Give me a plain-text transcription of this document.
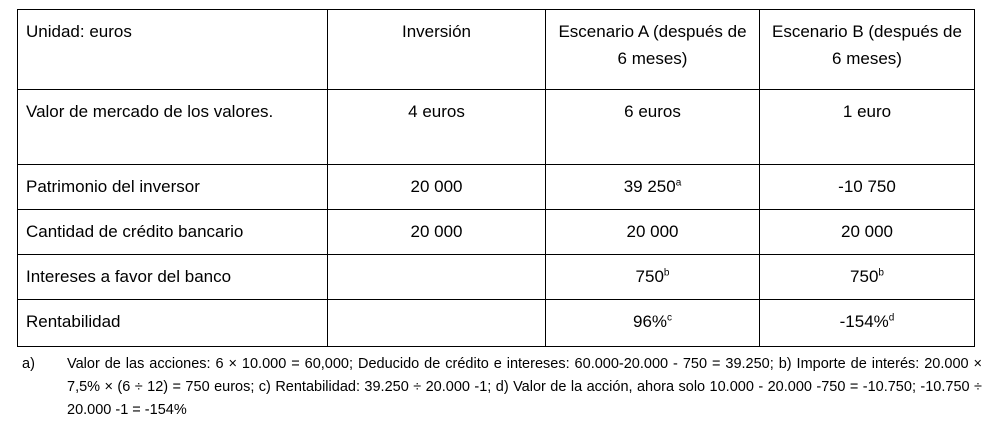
Unidad: euros	Inversión	Escenario A (después de 6 meses)	Escenario B (después de 6 meses)
Valor de mercado de los valores.	4 euros	6 euros	1 euro
Patrimonio del inversor	20 000	39 250$^a$	-10 750
Cantidad de crédito bancario	20 000	20 000	20 000
Intereses a favor del banco		750$^b$	750$^b$
Rentabilidad		96%$^c$	-154%$^d$
a) Valor de las acciones: 6 × 10.000 = 60,000; Deducido de crédito e intereses: 60.000-20.000 - 750 = 39.250; b) Importe de interés: 20.000 × 7,5% × (6 ÷ 12) = 750 euros; c) Rentabilidad: 39.250 ÷ 20.000 -1; d) Valor de la acción, ahora solo 10.000 - 20.000 -750 = -10.750; -10.750 ÷ 20.000 -1 = -154%
